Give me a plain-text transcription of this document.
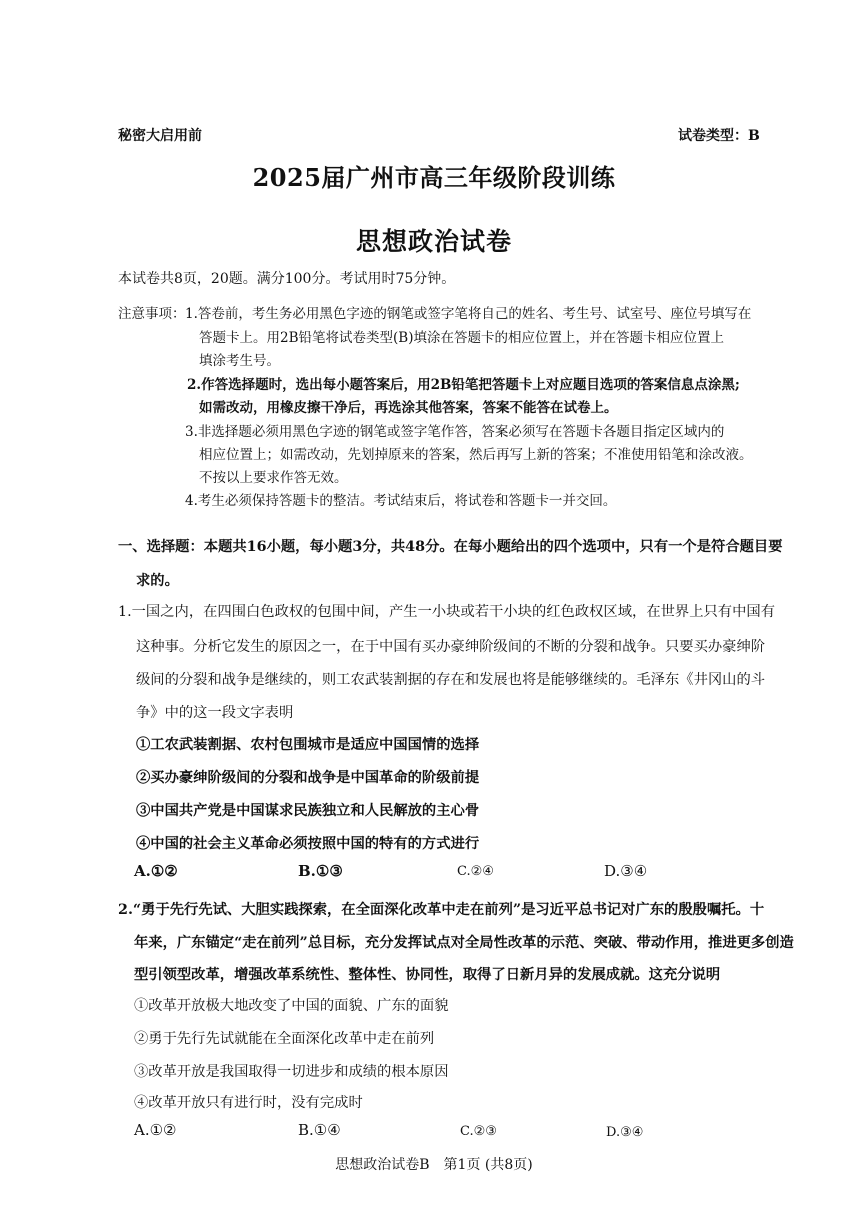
秘密大启用前	试卷类型：B
2025届广州市高三年级阶段训练
思想政治试卷
本试卷共8页，20题。满分100分。考试用时75分钟。
注意事项： 1.答卷前，考生务必用黑色字迹的钢笔或签字笔将自己的姓名、考生号、试室号、座位号填写在
答题卡上。用2B铅笔将试卷类型(B)填涂在答题卡的相应位置上，并在答题卡相应位置上
填涂考生号。
2.作答选择题时，选出每小题答案后，用2B铅笔把答题卡上对应题目选项的答案信息点涂黑;
如需改动，用橡皮擦干净后，再选涂其他答案，答案不能答在试卷上。
3.非选择题必须用黑色字迹的钢笔或签字笔作答，答案必须写在答题卡各题目指定区域内的
相应位置上；如需改动，先划掉原来的答案，然后再写上新的答案；不准使用铅笔和涂改液。
不按以上要求作答无效。
4.考生必须保持答题卡的整洁。考试结束后，将试卷和答题卡一并交回。
一、选择题：本题共16小题，每小题3分，共48分。在每小题给出的四个选项中，只有一个是符合题目要
求的。
1.一国之内，在四围白色政权的包围中间，产生一小块或若干小块的红色政权区域，在世界上只有中国有
这种事。分析它发生的原因之一，在于中国有买办豪绅阶级间的不断的分裂和战争。只要买办豪绅阶
级间的分裂和战争是继续的，则工农武装割据的存在和发展也将是能够继续的。毛泽东《井冈山的斗
争》中的这一段文字表明
①工农武装割据、农村包围城市是适应中国国情的选择
②买办豪绅阶级间的分裂和战争是中国革命的阶级前提
③中国共产党是中国谋求民族独立和人民解放的主心骨
④中国的社会主义革命必须按照中国的特有的方式进行
A.①②	B.①③	C.②④	D.③④
2.“勇于先行先试、大胆实践探索，在全面深化改革中走在前列”是习近平总书记对广东的殷殷嘱托。十
年来，广东锚定“走在前列”总目标，充分发挥试点对全局性改革的示范、突破、带动作用，推进更多创造
型引领型改革，增强改革系统性、整体性、协同性，取得了日新月异的发展成就。这充分说明
①改革开放极大地改变了中国的面貌、广东的面貌
②勇于先行先试就能在全面深化改革中走在前列
③改革开放是我国取得一切进步和成绩的根本原因
④改革开放只有进行时，没有完成时
A.①②	B.①④	C.②③	D.③④
思想政治试卷B　第1页 (共8页)
